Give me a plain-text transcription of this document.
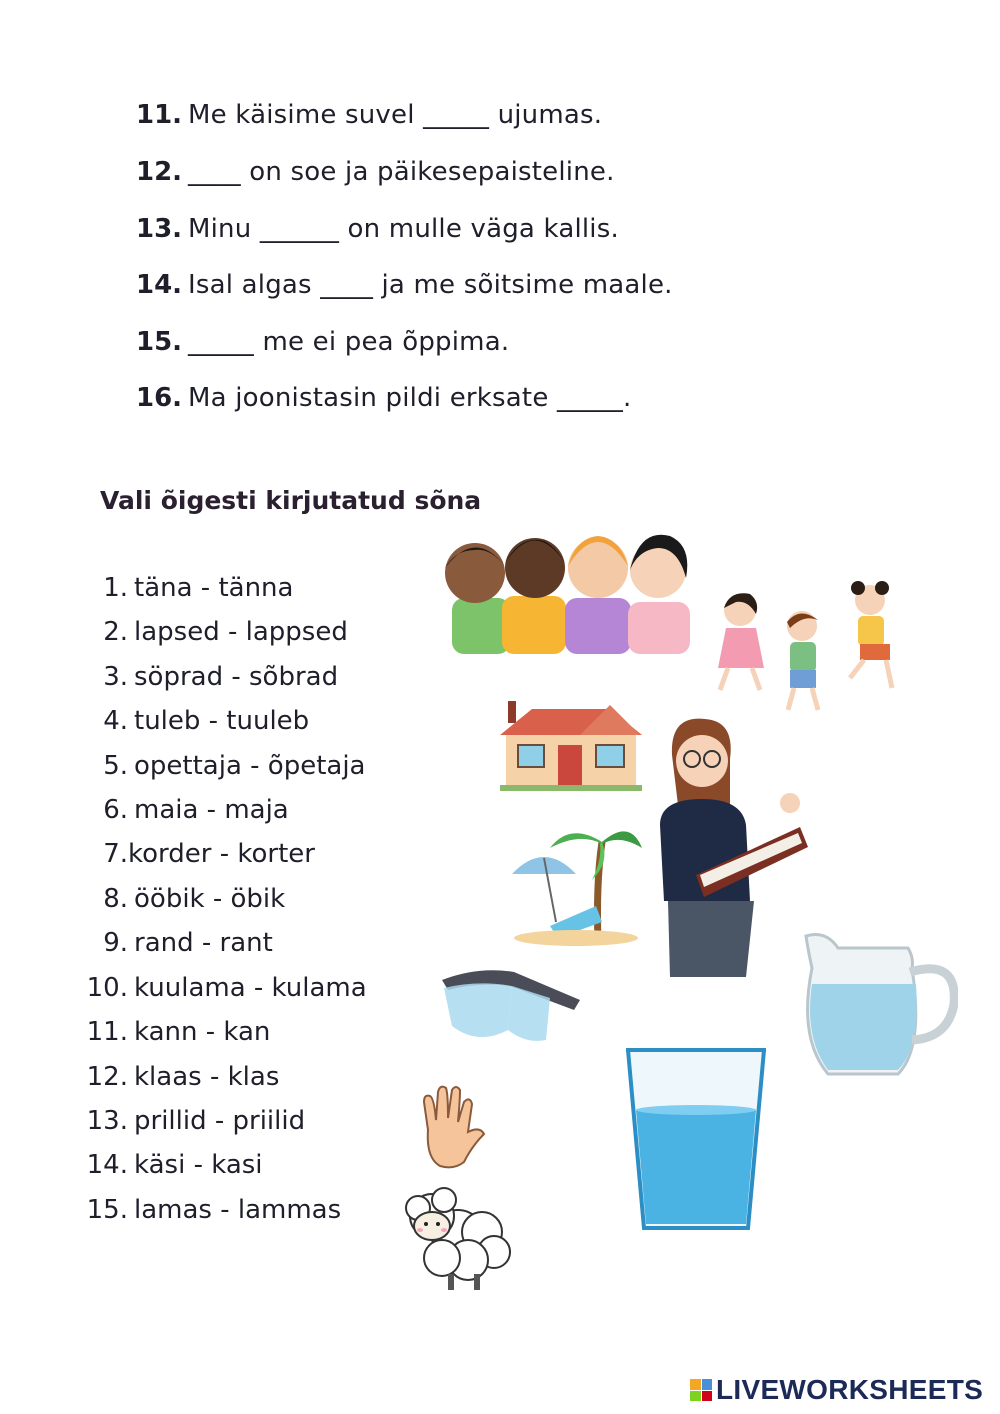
11. Me käisime suvel _____ ujumas.
12. ____ on soe ja päikesepaisteline.
13. Minu ______ on mulle väga kallis.
14. Isal algas ____ ja me sõitsime maale.
15. _____ me ei pea õppima.
16. Ma joonistasin pildi erksate _____.
Vali õigesti kirjutatud sõna
1. täna - tänna
2. lapsed - lappsed
3. söprad - sõbrad
4. tuleb - tuuleb
5. opettaja - õpetaja
6. maia - maja
7. korder - korter
8. ööbik - öbik
9. rand - rant
10. kuulama - kulama
11. kann - kan
12. klaas - klas
13. prillid - priilid
14. käsi - kasi
15. lamas - lammas
LIVEWORKSHEETS
